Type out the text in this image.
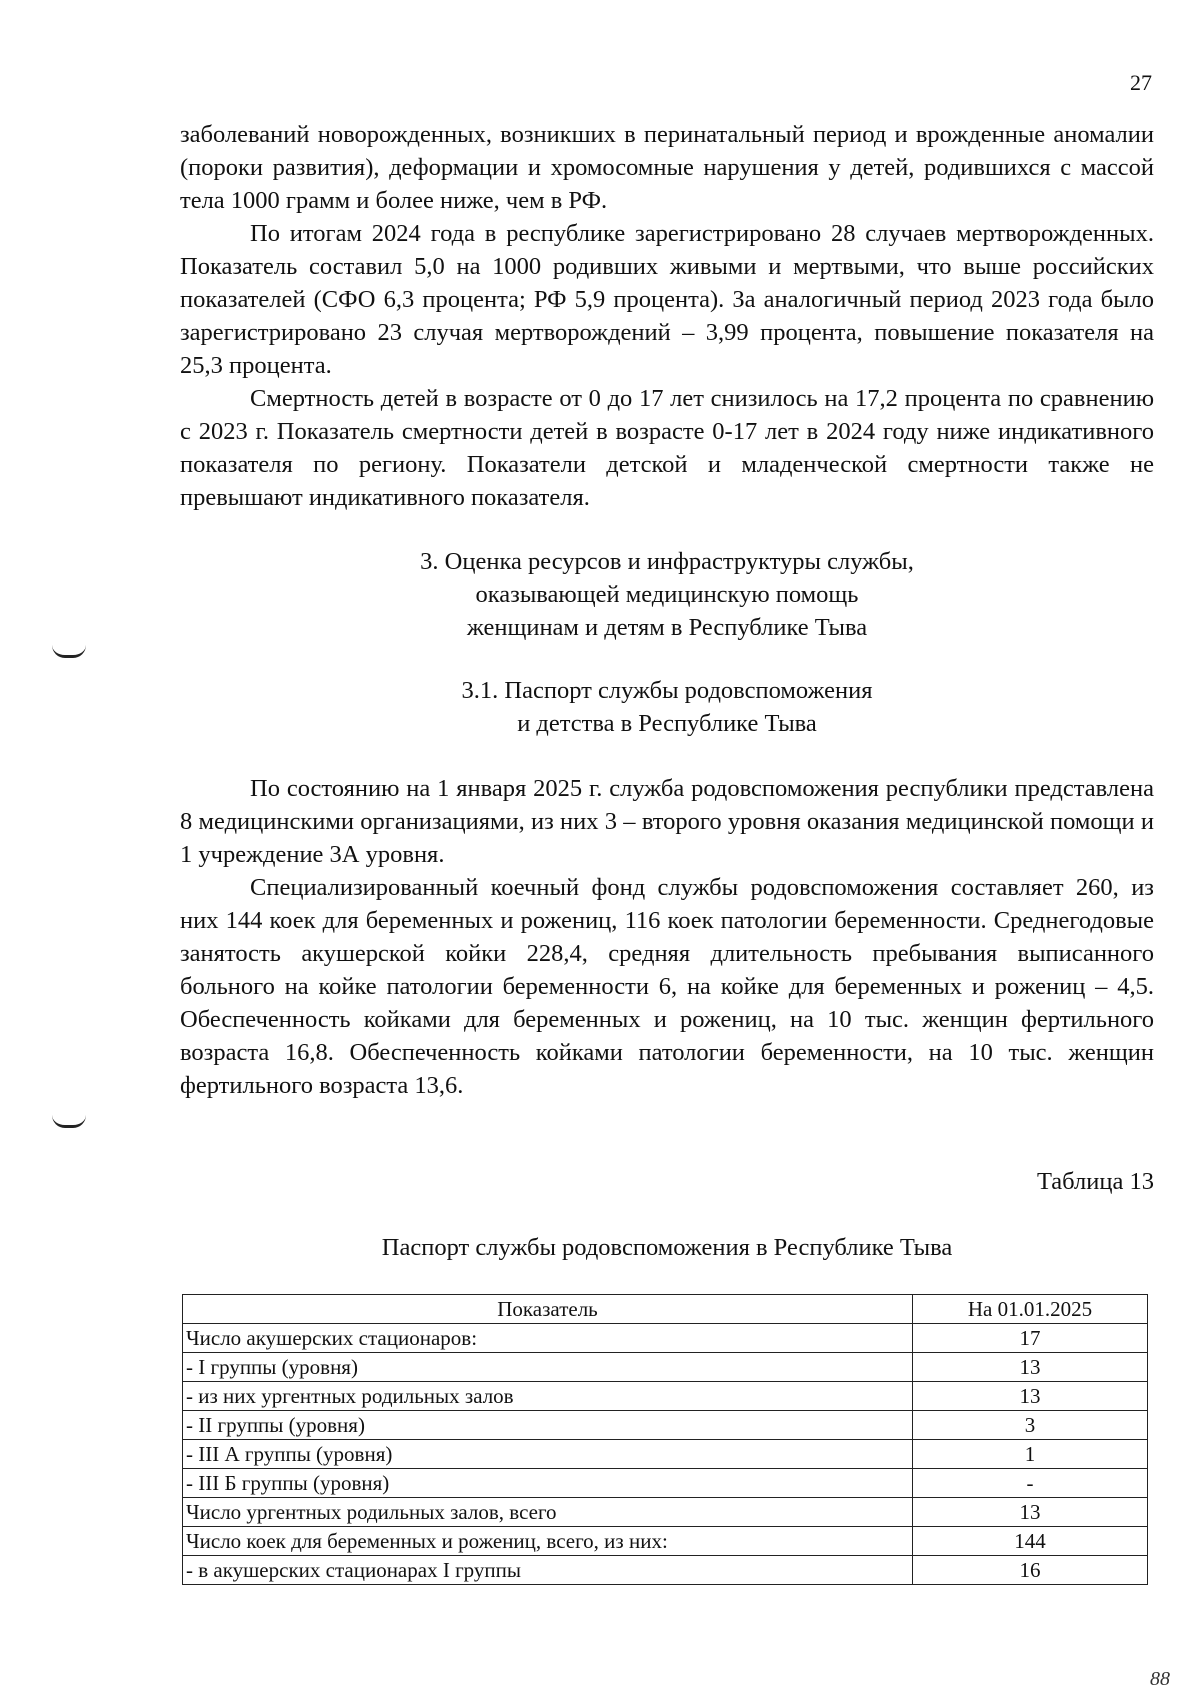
27

заболеваний новорожденных, возникших в перинатальный период и врожденные аномалии (пороки развития), деформации и хромосомные нарушения у детей, родившихся с массой тела 1000 грамм и более ниже, чем в РФ.

По итогам 2024 года в республике зарегистрировано 28 случаев мертворожденных. Показатель составил 5,0 на 1000 родивших живыми и мертвыми, что выше российских показателей (СФО 6,3 процента; РФ 5,9 процента). За аналогичный период 2023 года было зарегистрировано 23 случая мертворождений – 3,99 процента, повышение показателя на 25,3 процента.

Смертность детей в возрасте от 0 до 17 лет снизилось на 17,2 процента по сравнению с 2023 г. Показатель смертности детей в возрасте 0-17 лет в 2024 году ниже индикативного показателя по региону. Показатели детской и младенческой смертности также не превышают индикативного показателя.

3. Оценка ресурсов и инфраструктуры службы,
оказывающей медицинскую помощь
женщинам и детям в Республике Тыва
3.1. Паспорт службы родовспоможения
и детства в Республике Тыва

По состоянию на 1 января 2025 г. служба родовспоможения республики представлена 8 медицинскими организациями, из них 3 – второго уровня оказания медицинской помощи и 1 учреждение 3А уровня.

Специализированный коечный фонд службы родовспоможения составляет 260, из них 144 коек для беременных и рожениц, 116 коек патологии беременности. Среднегодовые занятость акушерской койки 228,4, средняя длительность пребывания выписанного больного на койке патологии беременности 6, на койке для беременных и рожениц – 4,5. Обеспеченность койками для беременных и рожениц, на 10 тыс. женщин фертильного возраста 16,8. Обеспеченность койками патологии беременности, на 10 тыс. женщин фертильного возраста 13,6.

Таблица 13
Паспорт службы родовспоможения в Республике Тыва
Показатель	На 01.01.2025
Число акушерских стационаров:	17
- I группы (уровня)	13
- из них ургентных родильных залов	13
- II группы (уровня)	3
- III А группы (уровня)	1
- III Б группы (уровня)	-
Число ургентных родильных залов, всего	13
Число коек для беременных и рожениц, всего, из них:	144
- в акушерских стационарах I группы	16
88
